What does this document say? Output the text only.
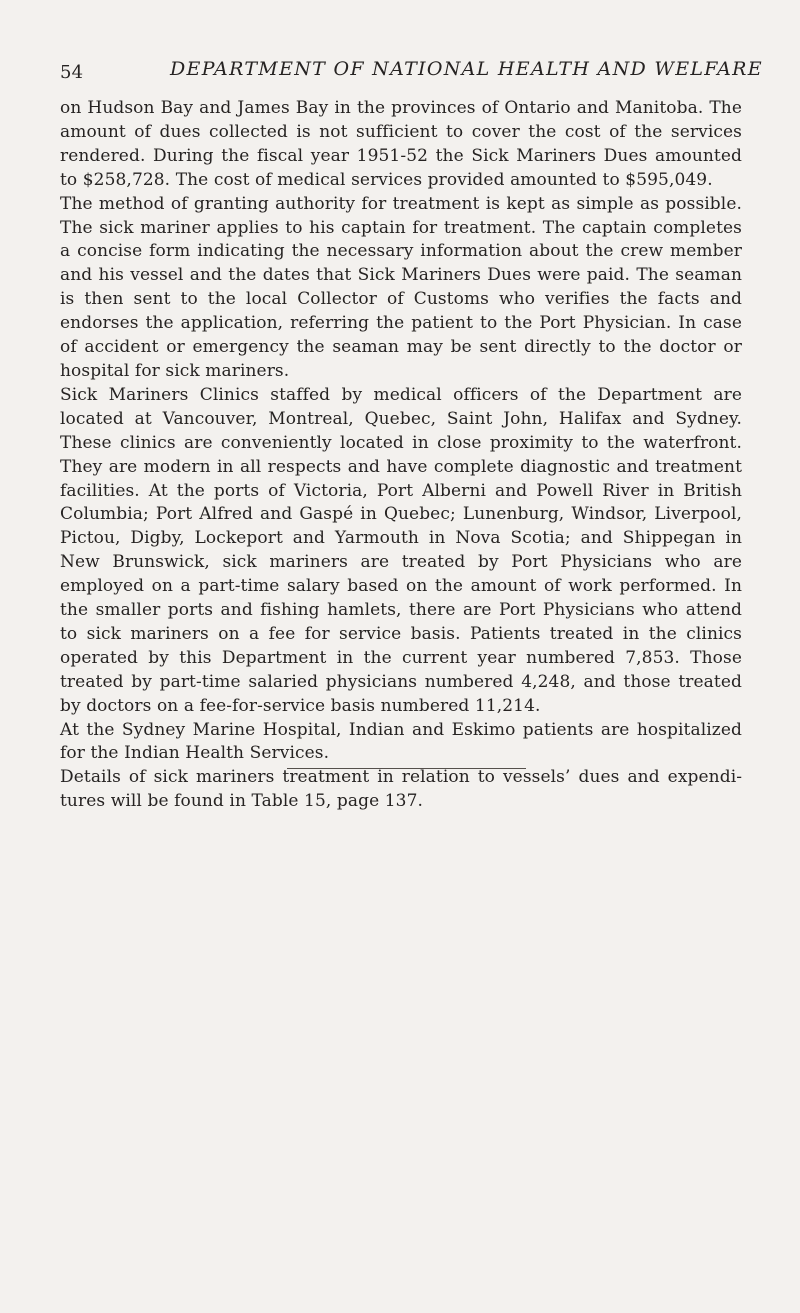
54	DEPARTMENT OF NATIONAL HEALTH AND WELFARE

on Hudson Bay and James Bay in the provinces of Ontario and Manitoba. The amount of dues collected is not sufficient to cover the cost of the services rendered. During the fiscal year 1951-52 the Sick Mariners Dues amounted to $258,728. The cost of medical services provided amounted to $595,049.

The method of granting authority for treatment is kept as simple as possible. The sick mariner applies to his captain for treatment. The captain completes a concise form indicating the necessary information about the crew member and his vessel and the dates that Sick Mariners Dues were paid. The seaman is then sent to the local Collector of Customs who verifies the facts and endorses the application, referring the patient to the Port Physician. In case of accident or emergency the seaman may be sent directly to the doctor or hospital for sick mariners.

Sick Mariners Clinics staffed by medical officers of the Department are located at Vancouver, Montreal, Quebec, Saint John, Halifax and Sydney. These clinics are conveniently located in close proximity to the waterfront. They are modern in all respects and have complete diagnostic and treatment facilities. At the ports of Victoria, Port Alberni and Powell River in British Columbia; Port Alfred and Gaspé in Quebec; Lunenburg, Windsor, Liverpool, Pictou, Digby, Lockeport and Yarmouth in Nova Scotia; and Shippegan in New Brunswick, sick mariners are treated by Port Physicians who are employed on a part-time salary based on the amount of work performed. In the smaller ports and fishing hamlets, there are Port Physicians who attend to sick mariners on a fee for service basis. Patients treated in the clinics operated by this Department in the current year numbered 7,853. Those treated by part-time salaried physicians numbered 4,248, and those treated by doctors on a fee-for-service basis numbered 11,214.

At the Sydney Marine Hospital, Indian and Eskimo patients are hospitalized for the Indian Health Services.

Details of sick mariners treatment in relation to vessels’ dues and expenditures will be found in Table 15, page 137.
